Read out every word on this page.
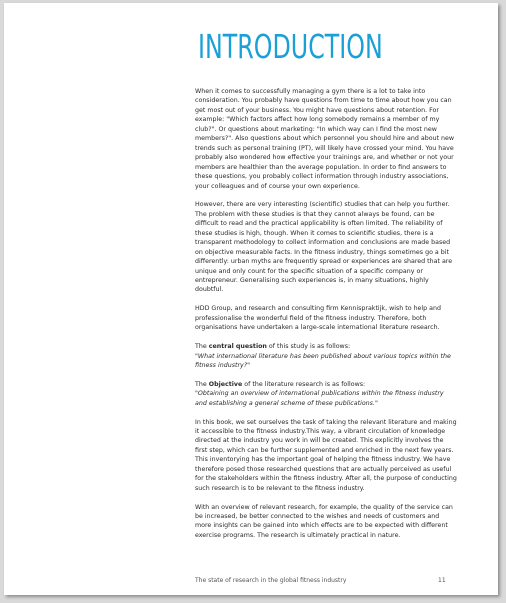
INTRODUCTION

When it comes to successfully managing a gym there is a lot to take into consideration. You probably have questions from time to time about how you can get most out of your business. You might have questions about retention. For example: "Which factors affect how long somebody remains a member of my club?". Or questions about marketing: "In which way can I find the most new members?". Also questions about which personnel you should hire and about new trends such as personal training (PT), will likely have crossed your mind. You have probably also wondered how effective your trainings are, and whether or not your members are healthier than the average population. In order to find answers to these questions, you probably collect information through industry associations, your colleagues and of course your own experience.

However, there are very interesting (scientific) studies that can help you further. The problem with these studies is that they cannot always be found, can be difficult to read and the practical applicability is often limited. The reliability of these studies is high, though. When it comes to scientific studies, there is a transparent methodology to collect information and conclusions are made based on objective measurable facts. In the fitness industry, things sometimes go a bit differently: urban myths are frequently spread or experiences are shared that are unique and only count for the specific situation of a specific company or entrepreneur. Generalising such experiences is, in many situations, highly doubtful.

HDD Group, and research and consulting firm Kennispraktijk, wish to help and professionalise the wonderful field of the fitness industry. Therefore, both organisations have undertaken a large-scale international literature research.

The central question of this study is as follows:

"What international literature has been published about various topics within the fitness industry?"

The Objective of the literature research is as follows:

"Obtaining an overview of international publications within the fitness industry and establishing a general scheme of these publications."

In this book, we set ourselves the task of taking the relevant literature and making it accessible to the fitness industry.This way, a vibrant circulation of knowledge directed at the industry you work in will be created. This explicitly involves the first step, which can be further supplemented and enriched in the next few years. This inventorying has the important goal of helping the fitness industry. We have therefore posed those researched questions that are actually perceived as useful for the stakeholders within the fitness industry. After all, the purpose of conducting such research is to be relevant to the fitness industry.

With an overview of relevant research, for example, the quality of the service can be increased, be better connected to the wishes and needs of customers and more insights can be gained into which effects are to be expected with different exercise programs. The research is ultimately practical in nature.

The state of research in the global fitness industry	11
